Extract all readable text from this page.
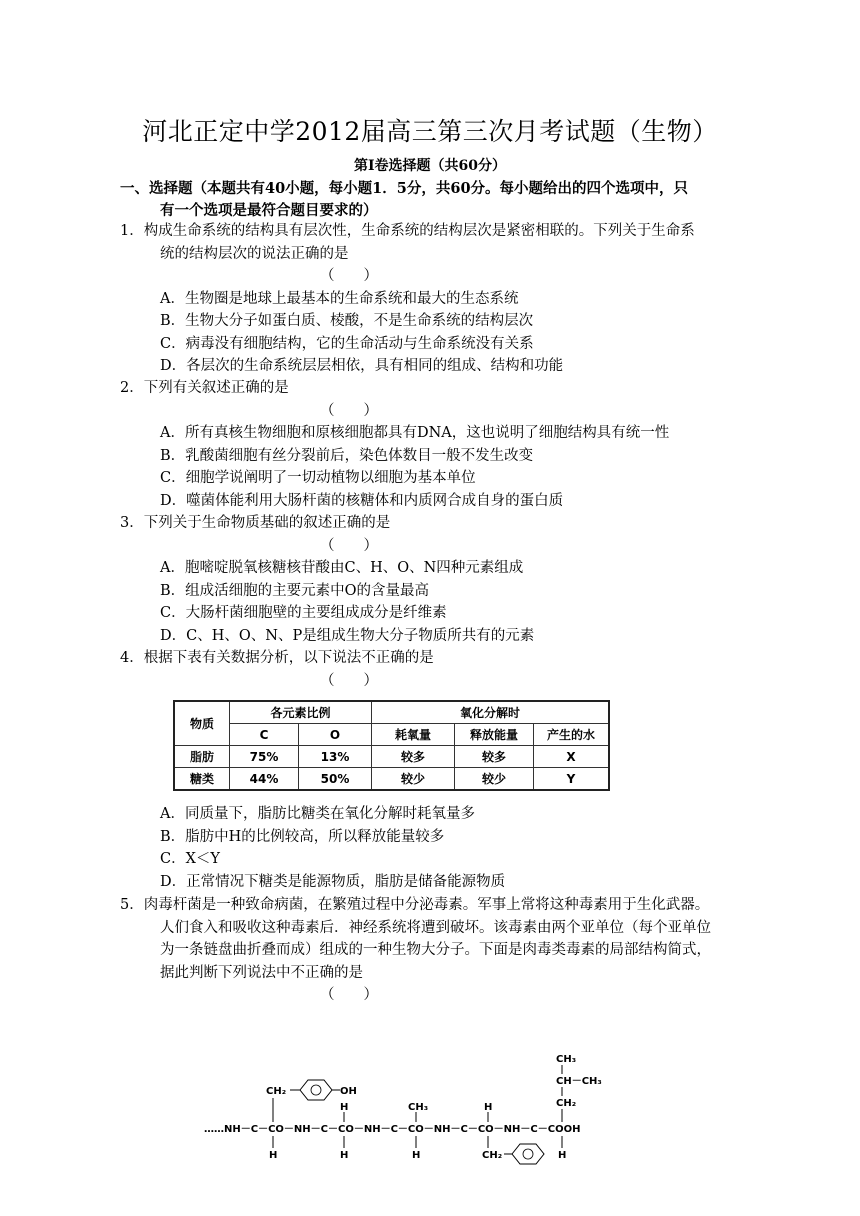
河北正定中学2012届高三第三次月考试题（生物）
第Ⅰ卷选择题（共60分）
一、选择题（本题共有40小题，每小题1．5分，共60分。每小题给出的四个选项中，只
有一个选项是最符合题目要求的）
1．构成生命系统的结构具有层次性，生命系统的结构层次是紧密相联的。下列关于生命系
统的结构层次的说法正确的是
（　　）
A．生物圈是地球上最基本的生命系统和最大的生态系统
B．生物大分子如蛋白质、棱酸，不是生命系统的结构层次
C．病毒没有细胞结构，它的生命活动与生命系统没有关系
D．各层次的生命系统层层相依，具有相同的组成、结构和功能
2．下列有关叙述正确的是
（　　）
A．所有真核生物细胞和原核细胞都具有DNA，这也说明了细胞结构具有统一性
B．乳酸菌细胞有丝分裂前后，染色体数目一般不发生改变
C．细胞学说阐明了一切动植物以细胞为基本单位
D．噬菌体能利用大肠杆菌的核糖体和内质网合成自身的蛋白质
3．下列关于生命物质基础的叙述正确的是
（　　）
A．胞嘧啶脱氧核糖核苷酸由C、H、O、N四种元素组成
B．组成活细胞的主要元素中O的含量最高
C．大肠杆菌细胞壁的主要组成成分是纤维素
D．C、H、O、N、P是组成生物大分子物质所共有的元素
4．根据下表有关数据分析，以下说法不正确的是
（　　）
物质	各元素比例		氧化分解时		
	C	O	耗氧量	释放能量	产生的水
脂肪	75%	13%	较多	较多	X
糖类	44%	50%	较少	较少	Y
A．同质量下，脂肪比糖类在氧化分解时耗氧量多
B．脂肪中H的比例较高，所以释放能量较多
C．X＜Y
D．正常情况下糖类是能源物质，脂肪是储备能源物质
5．肉毒杆菌是一种致命病菌，在繁殖过程中分泌毒素。军事上常将这种毒素用于生化武器。
人们食入和吸收这种毒素后．神经系统将遭到破坏。该毒素由两个亚单位（每个亚单位
为一条链盘曲折叠而成）组成的一种生物大分子。下面是肉毒类毒素的局部结构简式，
据此判断下列说法中不正确的是
（　　）
……NH－C－CO－NH－C－CO－NH－C－CO－NH－C－CO－NH－C－COOH
CH₂	OH
H
H
H
CH₃
H
H
CH₂
CH₃
CH－CH₃
CH₂
H
